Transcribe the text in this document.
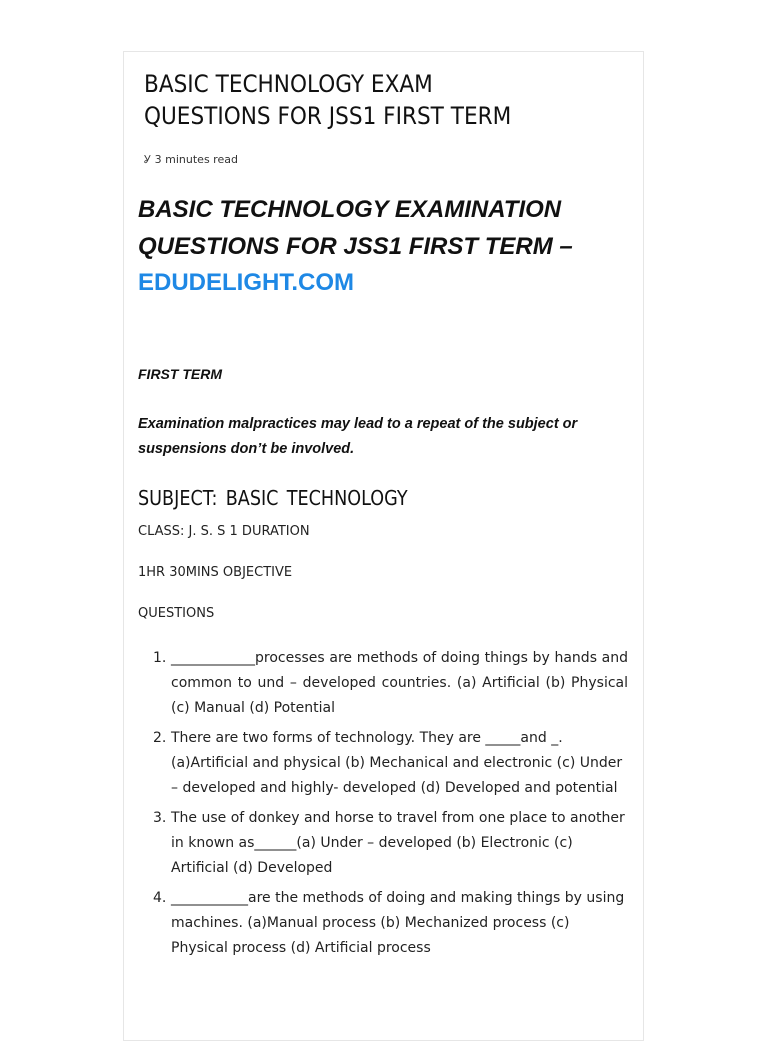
BASIC TECHNOLOGY EXAM
QUESTIONS FOR JSS1 FIRST TERM
Ỿ 3 minutes read
BASIC TECHNOLOGY EXAMINATION QUESTIONS FOR JSS1 FIRST TERM –
EDUDELIGHT.COM
FIRST TERM
Examination malpractices may lead to a repeat of the subject or suspensions don’t be involved.
SUBJECT: BASIC TECHNOLOGY
CLASS: J. S. S 1 DURATION
1HR 30MINS OBJECTIVE
QUESTIONS
1. ____________processes are methods of doing things by hands and common to und – developed countries. (a) Artificial (b) Physical (c) Manual (d) Potential
2. There are two forms of technology. They are _____and _. (a)Artificial and physical (b) Mechanical and electronic (c) Under – developed and highly- developed (d) Developed and potential
3. The use of donkey and horse to travel from one place to another in known as______(a) Under – developed (b) Electronic (c) Artificial (d) Developed
4. ___________are the methods of doing and making things by using machines. (a)Manual process (b) Mechanized process (c) Physical process (d) Artificial process
